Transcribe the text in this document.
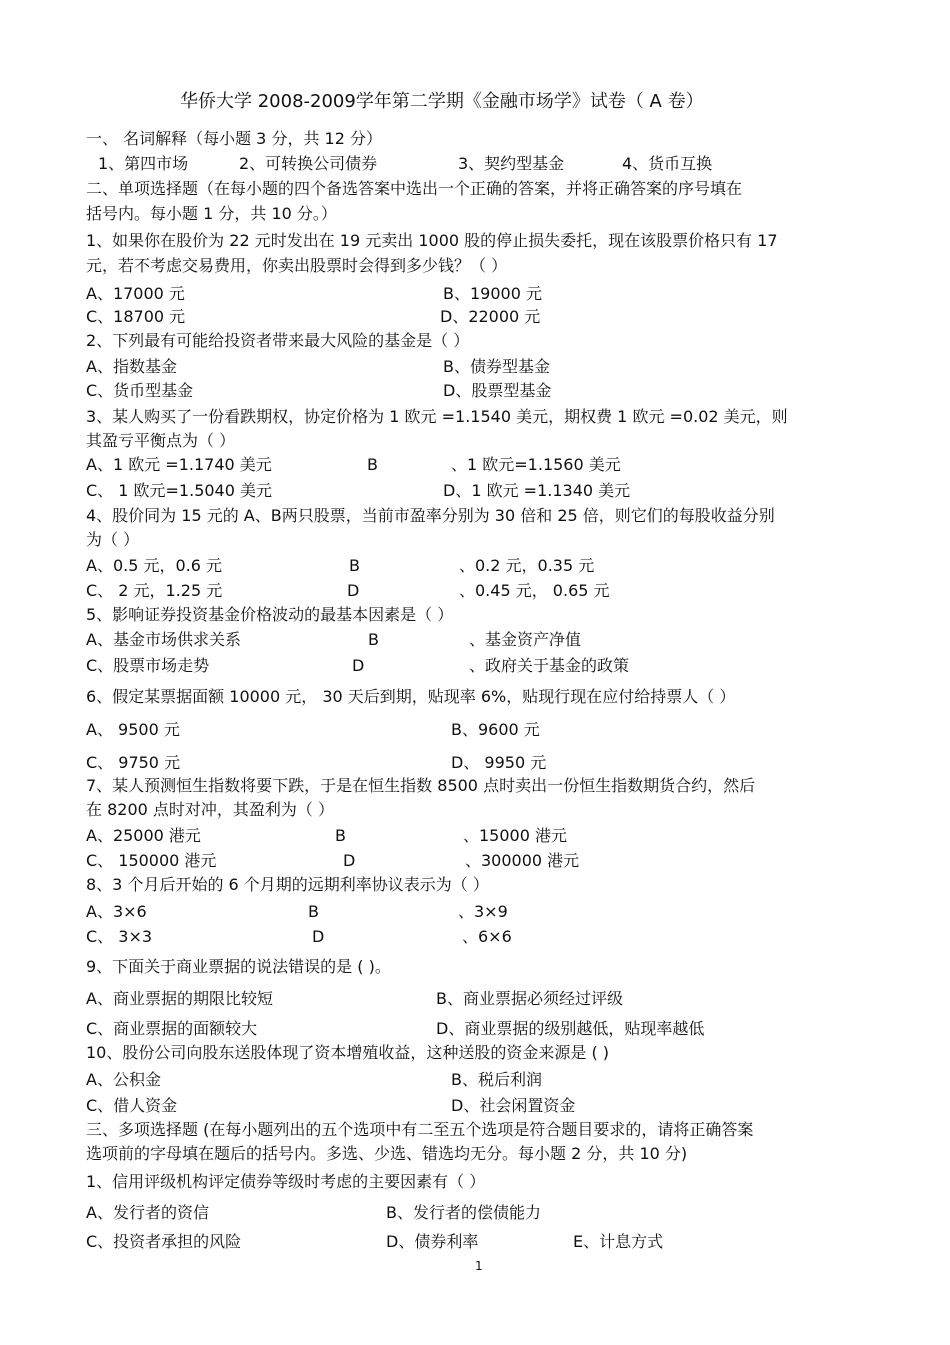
华侨大学 2008-2009学年第二学期《金融市场学》试卷（ A 卷）
一、 名词解释（每小题 3 分，共 12 分）
1、第四市场	2、可转换公司债券	3、契约型基金	4、货币互换
二、单项选择题（在每小题的四个备选答案中选出一个正确的答案，并将正确答案的序号填在
括号内。每小题 1 分，共 10 分。）
1、如果你在股价为 22 元时发出在 19 元卖出 1000 股的停止损失委托，现在该股票价格只有 17
元，若不考虑交易费用，你卖出股票时会得到多少钱？（ ）
A、17000 元	B、19000 元
C、18700 元	D、22000 元
2、下列最有可能给投资者带来最大风险的基金是（ ）
A、指数基金	B、债券型基金
C、货币型基金	D、股票型基金
3、某人购买了一份看跌期权，协定价格为 1 欧元 =1.1540 美元，期权费 1 欧元 =0.02 美元，则
其盈亏平衡点为（ ）
A、1 欧元 =1.1740 美元	B	、1 欧元=1.1560 美元
C、 1 欧元=1.5040 美元	D、1 欧元 =1.1340 美元
4、股价同为 15 元的 A、B两只股票，当前市盈率分别为 30 倍和 25 倍，则它们的每股收益分别
为（ ）
A、0.5 元，0.6 元	B	、0.2 元，0.35 元
C、 2 元，1.25 元	D	、0.45 元， 0.65 元
5、影响证券投资基金价格波动的最基本因素是（ ）
A、基金市场供求关系	B	、基金资产净值
C、股票市场走势	D	、政府关于基金的政策
6、假定某票据面额 10000 元， 30 天后到期，贴现率 6%，贴现行现在应付给持票人（ ）
A、 9500 元	B、9600 元
C、 9750 元	D、 9950 元
7、某人预测恒生指数将要下跌，于是在恒生指数 8500 点时卖出一份恒生指数期货合约，然后
在 8200 点时对冲，其盈利为（ ）
A、25000 港元	B	、15000 港元
C、 150000 港元	D	、300000 港元
8、3 个月后开始的 6 个月期的远期利率协议表示为（ ）
A、3×6	B	、3×9
C、 3×3	D	、6×6
9、下面关于商业票据的说法错误的是 ( )。
A、商业票据的期限比较短	B、商业票据必须经过评级
C、商业票据的面额较大	D、商业票据的级别越低，贴现率越低
10、股份公司向股东送股体现了资本增殖收益，这种送股的资金来源是 ( )
A、公积金	B、税后利润
C、借人资金	D、社会闲置资金
三、多项选择题 (在每小题列出的五个选项中有二至五个选项是符合题目要求的，请将正确答案
选项前的字母填在题后的括号内。多选、少选、错选均无分。每小题 2 分，共 10 分)
1、信用评级机构评定债券等级时考虑的主要因素有（ ）
A、发行者的资信	B、发行者的偿债能力
C、投资者承担的风险	D、债券利率	E、计息方式
1
